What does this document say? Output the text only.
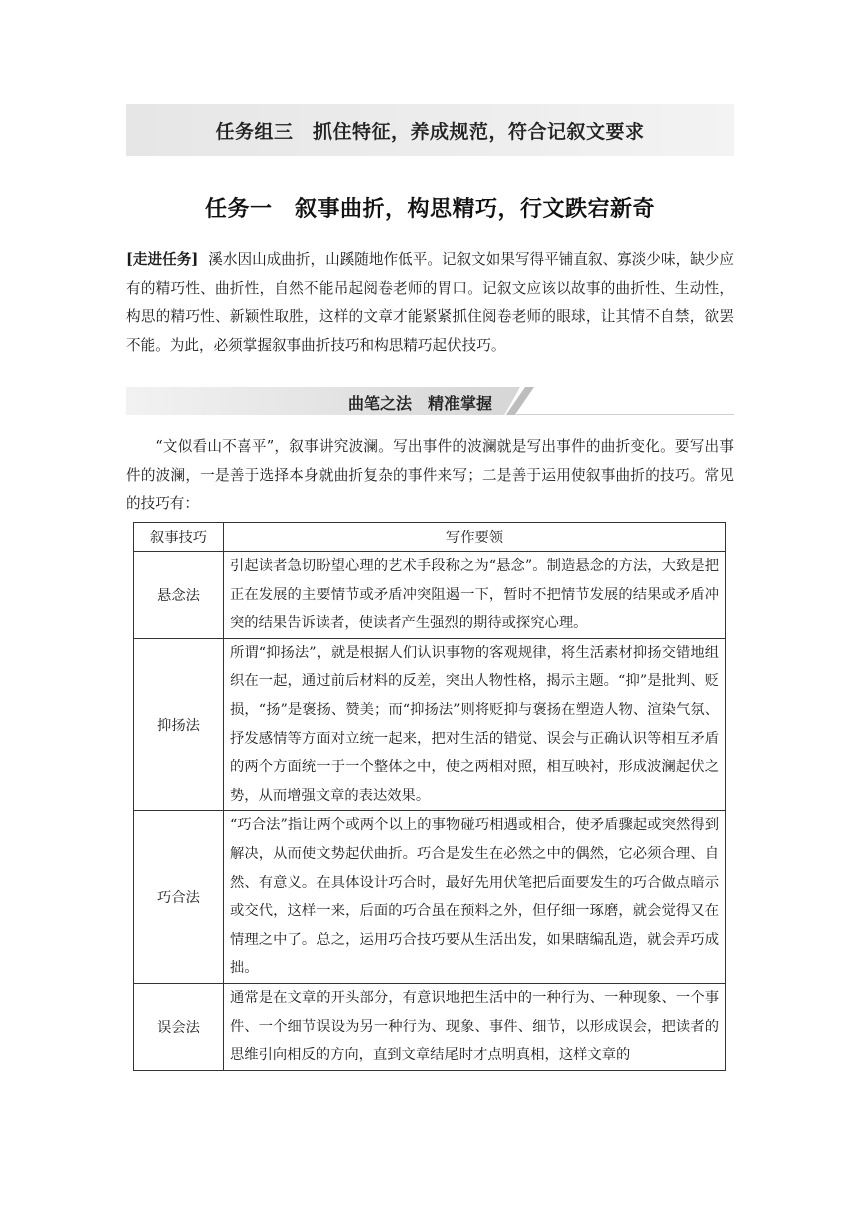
任务组三　抓住特征，养成规范，符合记叙文要求
任务一　叙事曲折，构思精巧，行文跌宕新奇
[走进任务] 溪水因山成曲折，山蹊随地作低平。记叙文如果写得平铺直叙、寡淡少味，缺少应有的精巧性、曲折性，自然不能吊起阅卷老师的胃口。记叙文应该以故事的曲折性、生动性，构思的精巧性、新颖性取胜，这样的文章才能紧紧抓住阅卷老师的眼球，让其情不自禁，欲罢不能。为此，必须掌握叙事曲折技巧和构思精巧起伏技巧。
曲笔之法　精准掌握
“文似看山不喜平”，叙事讲究波澜。写出事件的波澜就是写出事件的曲折变化。要写出事件的波澜，一是善于选择本身就曲折复杂的事件来写；二是善于运用使叙事曲折的技巧。常见的技巧有：
叙事技巧	写作要领
悬念法	引起读者急切盼望心理的艺术手段称之为“悬念”。制造悬念的方法，大致是把正在发展的主要情节或矛盾冲突阻遏一下，暂时不把情节发展的结果或矛盾冲突的结果告诉读者，使读者产生强烈的期待或探究心理。
抑扬法	所谓“抑扬法”，就是根据人们认识事物的客观规律，将生活素材抑扬交错地组织在一起，通过前后材料的反差，突出人物性格，揭示主题。“抑”是批判、贬损，“扬”是褒扬、赞美；而“抑扬法”则将贬抑与褒扬在塑造人物、渲染气氛、抒发感情等方面对立统一起来，把对生活的错觉、误会与正确认识等相互矛盾的两个方面统一于一个整体之中，使之两相对照，相互映衬，形成波澜起伏之势，从而增强文章的表达效果。
巧合法	“巧合法”指让两个或两个以上的事物碰巧相遇或相合，使矛盾骤起或突然得到解决，从而使文势起伏曲折。巧合是发生在必然之中的偶然，它必须合理、自然、有意义。在具体设计巧合时，最好先用伏笔把后面要发生的巧合做点暗示或交代，这样一来，后面的巧合虽在预料之外，但仔细一琢磨，就会觉得又在情理之中了。总之，运用巧合技巧要从生活出发，如果瞎编乱造，就会弄巧成拙。
误会法	通常是在文章的开头部分，有意识地把生活中的一种行为、一种现象、一个事件、一个细节误设为另一种行为、现象、事件、细节，以形成误会，把读者的思维引向相反的方向，直到文章结尾时才点明真相，这样文章的
